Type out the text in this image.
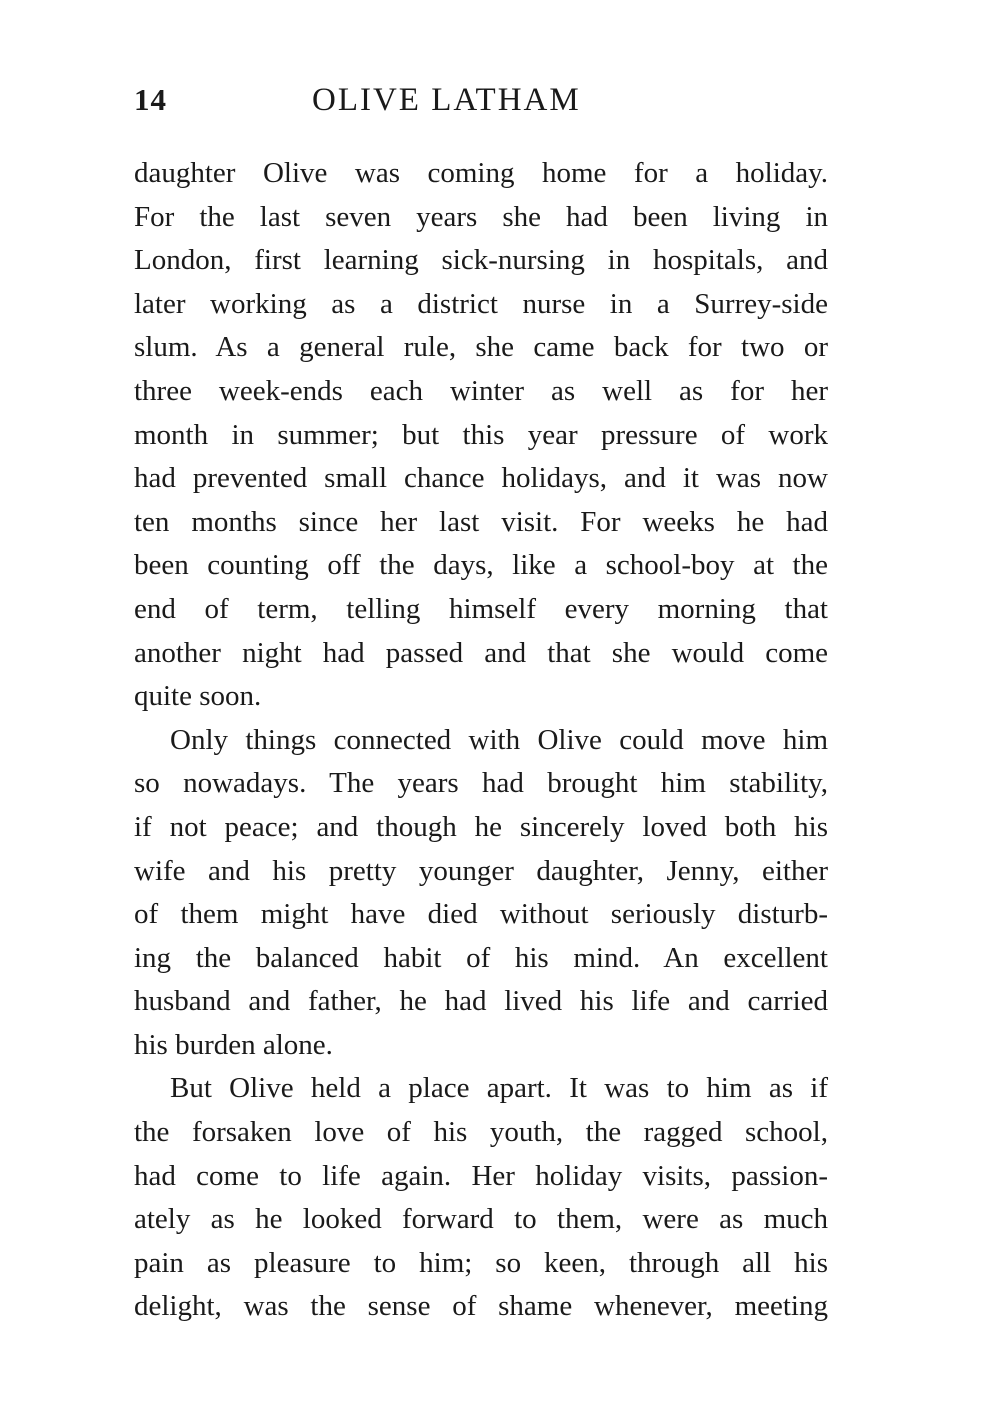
14	OLIVE LATHAM
daughter Olive was coming home for a holiday.
For the last seven years she had been living in
London, first learning sick-nursing in hospitals, and
later working as a district nurse in a Surrey-side
slum. As a general rule, she came back for two or
three week-ends each winter as well as for her
month in summer; but this year pressure of work
had prevented small chance holidays, and it was now
ten months since her last visit. For weeks he had
been counting off the days, like a school-boy at the
end of term, telling himself every morning that
another night had passed and that she would come
quite soon.
Only things connected with Olive could move him
so nowadays. The years had brought him stability,
if not peace; and though he sincerely loved both his
wife and his pretty younger daughter, Jenny, either
of them might have died without seriously disturb-
ing the balanced habit of his mind. An excellent
husband and father, he had lived his life and carried
his burden alone.
But Olive held a place apart. It was to him as if
the forsaken love of his youth, the ragged school,
had come to life again. Her holiday visits, passion-
ately as he looked forward to them, were as much
pain as pleasure to him; so keen, through all his
delight, was the sense of shame whenever, meeting
